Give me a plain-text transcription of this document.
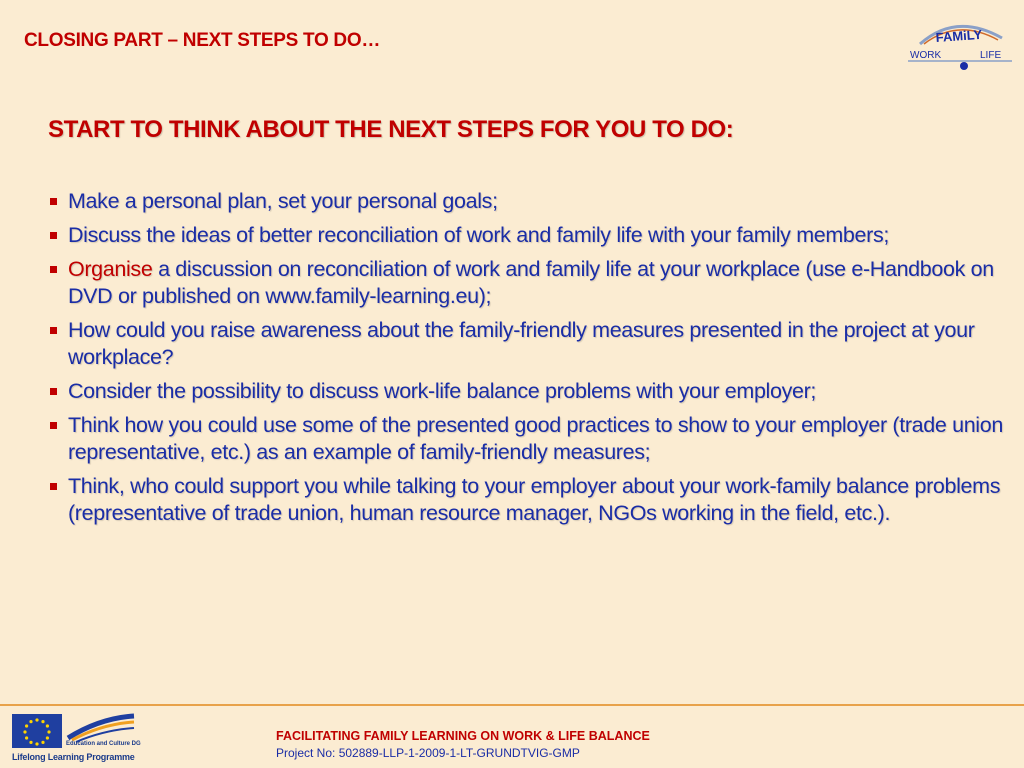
CLOSING PART – NEXT STEPS TO DO…	FAMiLY
WORK	LIFE
START TO THINK ABOUT THE NEXT STEPS FOR YOU TO DO:
Make a personal plan, set your personal goals;
Discuss the ideas of better reconciliation of work and family life with your family members;
Organise a discussion on reconciliation of work and family life at your workplace (use e-Handbook on DVD or published on www.family-learning.eu);
How could you raise awareness about the family-friendly measures presented in the project at your workplace?
Consider the possibility to discuss work-life balance problems with your employer;
Think how you could use some of the presented good practices to show to your employer (trade union representative, etc.) as an example of family-friendly measures;
Think, who could support you while talking to your employer about your work-family balance problems (representative of trade union, human resource manager, NGOs working in the field, etc.).
Education and Culture DG
Lifelong Learning Programme
FACILITATING FAMILY LEARNING ON WORK & LIFE BALANCE
Project No: 502889-LLP-1-2009-1-LT-GRUNDTVIG-GMP
